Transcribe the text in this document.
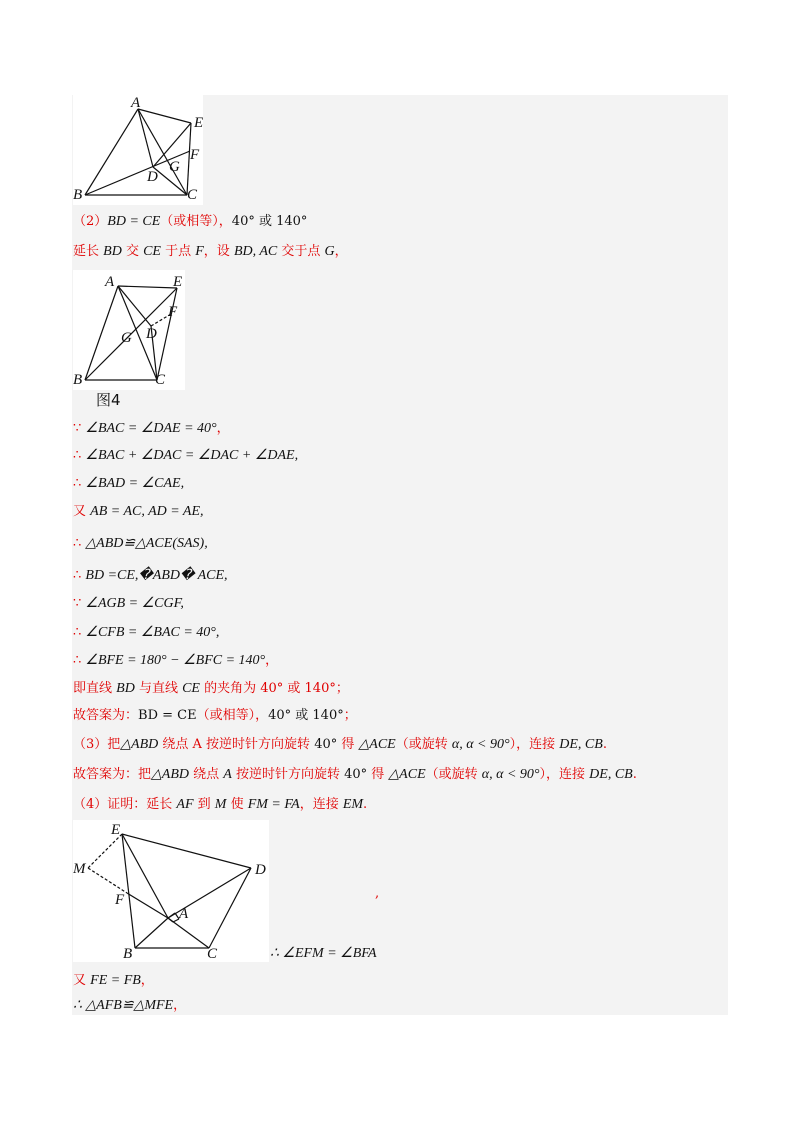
A
E
F
G
D
B	C
（2）BD = CE（或相等），40° 或 140°
延长 BD 交 CE 于点 F，设 BD, AC 交于点 G，
A	E
F
G D
B	C
图4
∵ ∠BAC = ∠DAE = 40°，
∴ ∠BAC + ∠DAC = ∠DAC + ∠DAE,
∴ ∠BAD = ∠CAE,
又 AB = AC, AD = AE,
∴ △ABD≌△ACE(SAS),
∴ BD =CE,�ABD� ACE,
∵ ∠AGB = ∠CGF,
∴ ∠CFB = ∠BAC = 40°,
∴ ∠BFE = 180° − ∠BFC = 140°，
即直线 BD 与直线 CE 的夹角为 40° 或 140°；
故答案为：BD = CE（或相等），40° 或 140°；
（3）把△ABD 绕点 A 按逆时针方向旋转 40° 得 △ACE（或旋转 α, α < 90°），连接 DE, CB.
故答案为：把△ABD 绕点 A 按逆时针方向旋转 40° 得 △ACE（或旋转 α, α < 90°），连接 DE, CB.
（4）证明：延长 AF 到 M 使 FM = FA，连接 EM.
E
M	D
F
A
B	C
,
∴ ∠EFM = ∠BFA
又 FE = FB，
∴ △AFB≌△MFE，
